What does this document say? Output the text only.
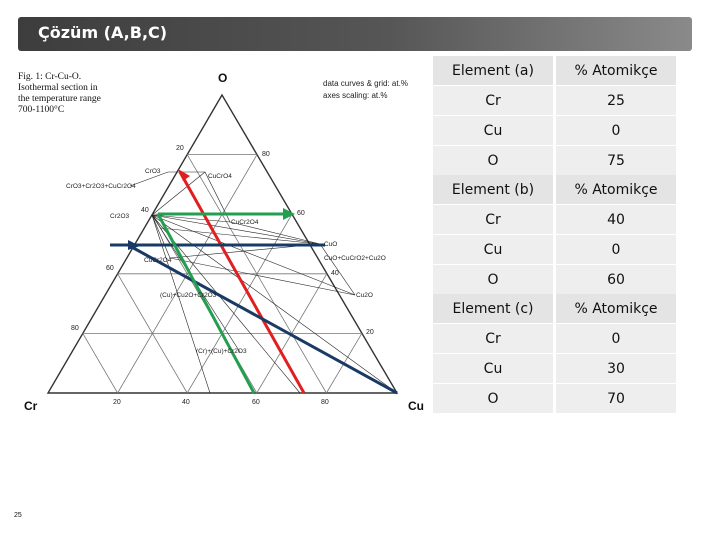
Çözüm (A,B,C)
O
Cr	Cu
20
40
60
80
80
60
40
20
20	40	60	80
CrO3
CuCrO4
CrO3+Cr2O3+CuCr2O4
Cr2O3
CuCr2O4
CuO
CuO+CuCrO2+Cu2O
CuCr2O4
(Cu)+Cu2O+Cr2O3	Cu2O
(Cr)+(Cu)+Cr2O3
Fig. 1: Cr-Cu-O.
Isothermal section in
the temperature range
700-1100°C
data curves & grid: at.%
axes scaling: at.%
Element (a)	% Atomikçe
Cr	25
Cu	0
O	75
Element (b)	% Atomikçe
Cr	40
Cu	0
O	60
Element (c)	% Atomikçe
Cr	0
Cu	30
O	70
25
